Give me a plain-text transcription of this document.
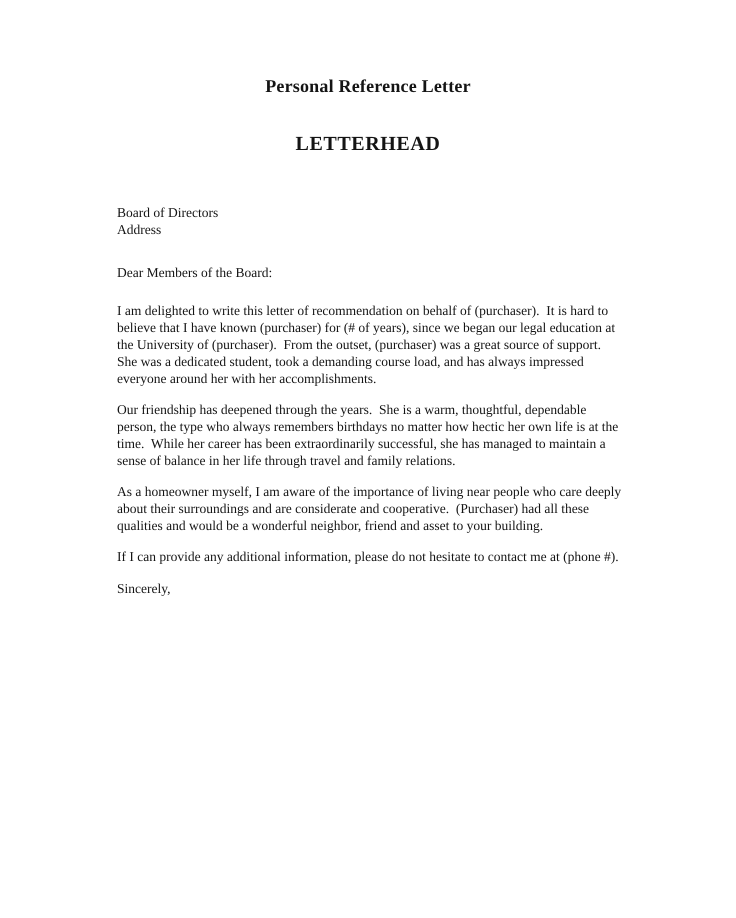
Personal Reference Letter
LETTERHEAD
Board of Directors
Address
Dear Members of the Board:

I am delighted to write this letter of recommendation on behalf of (purchaser).  It is hard to believe that I have known (purchaser) for (# of years), since we began our legal education at the University of (purchaser).  From the outset, (purchaser) was a great source of support.  She was a dedicated student, took a demanding course load, and has always impressed everyone around her with her accomplishments.

Our friendship has deepened through the years.  She is a warm, thoughtful, dependable person, the type who always remembers birthdays no matter how hectic her own life is at the time.  While her career has been extraordinarily successful, she has managed to maintain a sense of balance in her life through travel and family relations.

As a homeowner myself, I am aware of the importance of living near people who care deeply about their surroundings and are considerate and cooperative.  (Purchaser) had all these qualities and would be a wonderful neighbor, friend and asset to your building.

If I can provide any additional information, please do not hesitate to contact me at (phone #).

Sincerely,
